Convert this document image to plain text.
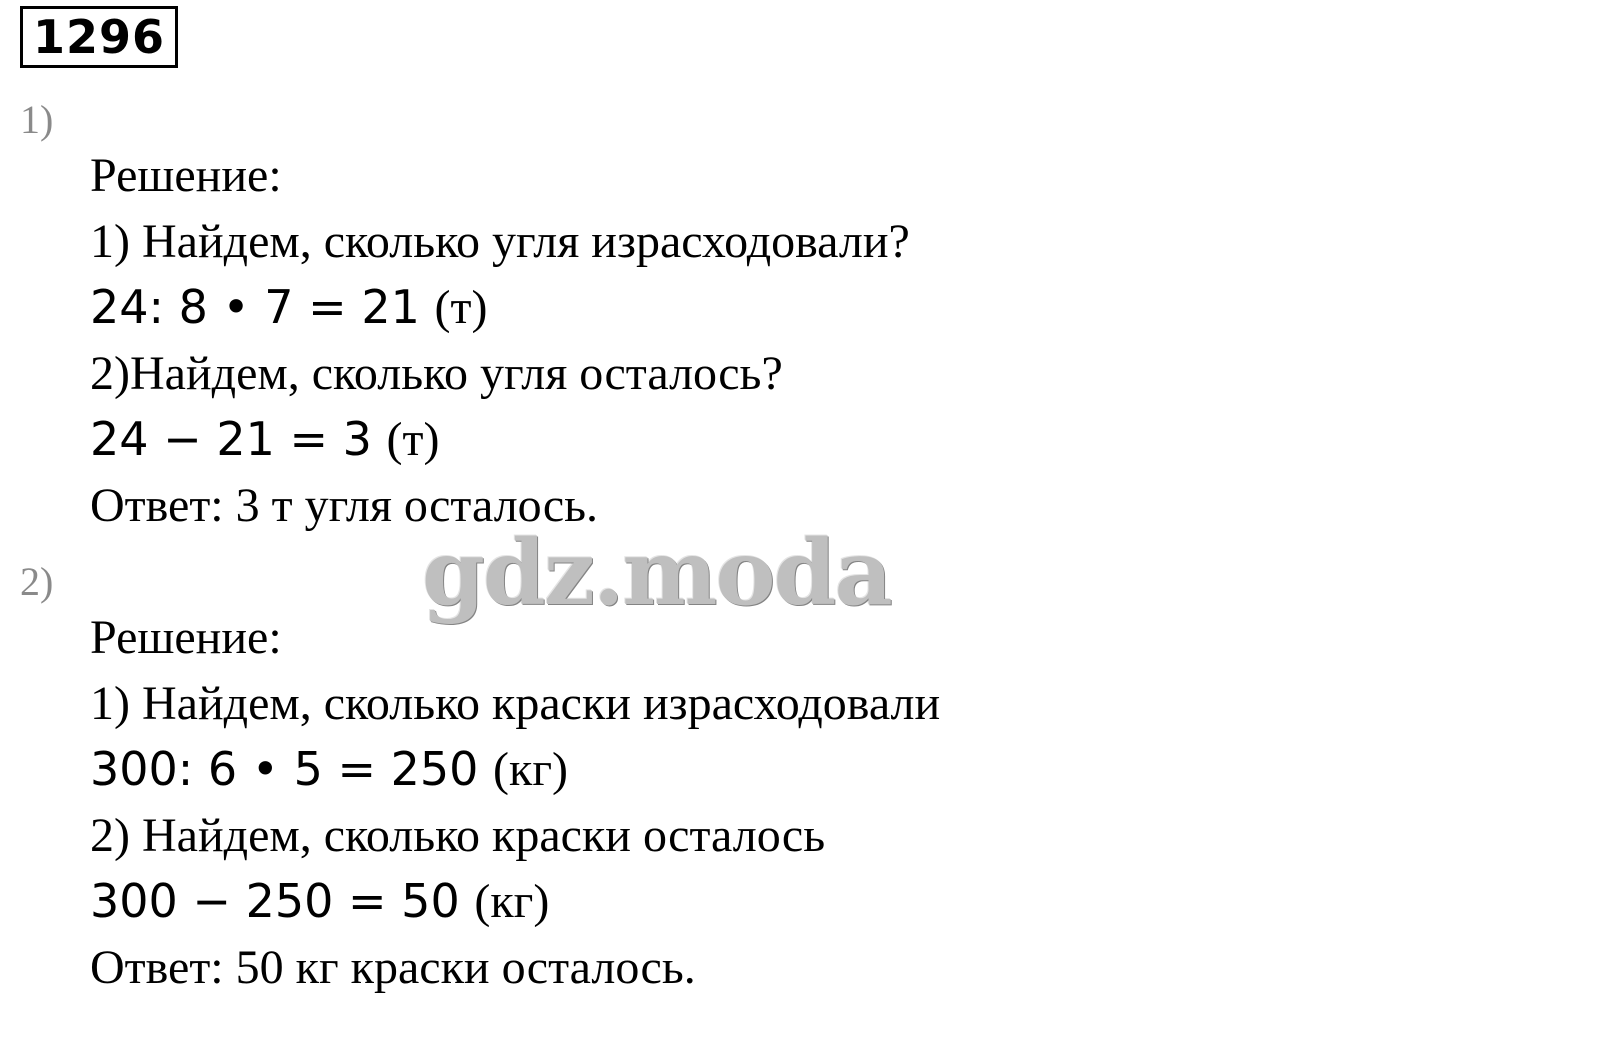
1296
1)
Решение:
1) Найдем, сколько угля израсходовали?
24: 8 • 7 = 21 (т)
2)Найдем, сколько угля осталось?
24 − 21 = 3 (т)
Ответ: 3 т угля осталось.
2)
Решение:
1) Найдем, сколько краски израсходовали
300: 6 • 5 = 250 (кг)
2) Найдем, сколько краски осталось
300 − 250 = 50 (кг)
Ответ: 50 кг краски осталось.
gdz.moda
